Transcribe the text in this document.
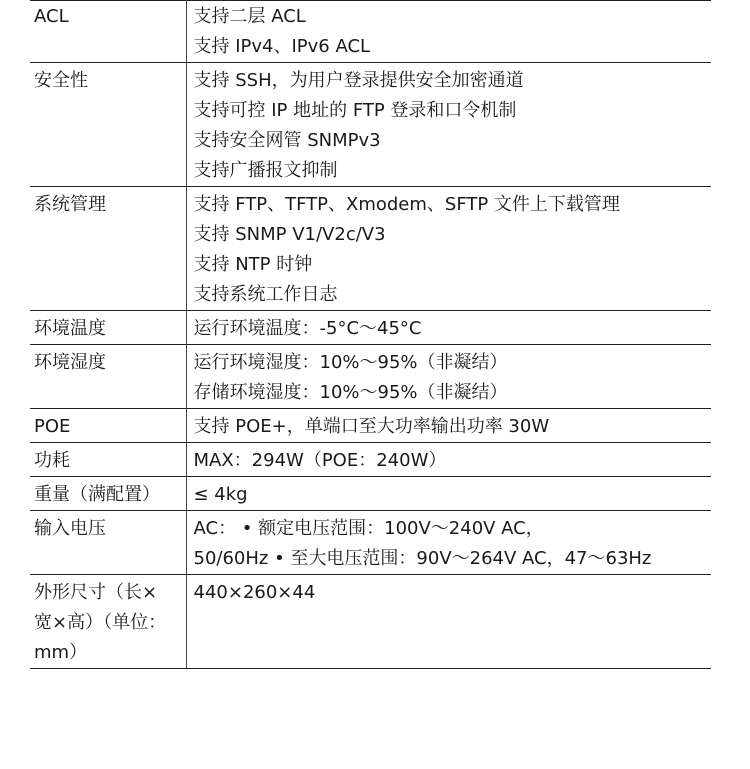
ACL	支持二层 ACL
支持 IPv4、IPv6 ACL

安全性	支持 SSH，为用户登录提供安全加密通道
支持可控 IP 地址的 FTP 登录和口令机制
支持安全网管 SNMPv3
支持广播报文抑制

系统管理	支持 FTP、TFTP、Xmodem、SFTP 文件上下载管理
支持 SNMP V1/V2c/V3
支持 NTP 时钟
支持系统工作日志

环境温度	运行环境温度：-5°C～45°C

环境湿度	运行环境湿度：10%～95%（非凝结）
存储环境湿度：10%～95%（非凝结）

POE	支持 POE+，单端口至大功率输出功率 30W

功耗	MAX：294W（POE：240W）

重量（满配置）	≤ 4kg

输入电压	AC： • 额定电压范围：100V～240V AC，
50/60Hz • 至大电压范围：90V～264V AC，47～63Hz

外形尺寸（长×
宽×高）（单位：
mm）	440×260×44
